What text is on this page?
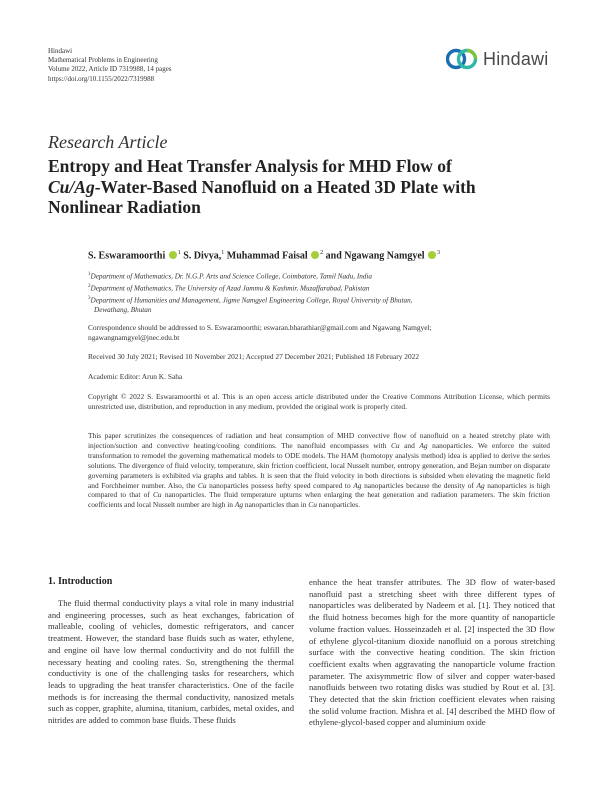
Hindawi
Mathematical Problems in Engineering
Volume 2022, Article ID 7319988, 14 pages
https://doi.org/10.1155/2022/7319988
Hindawi
Research Article
Entropy and Heat Transfer Analysis for MHD Flow of
Cu/Ag-Water-Based Nanofluid on a Heated 3D Plate with
Nonlinear Radiation
S. Eswaramoorthi $^1$ S. Divya,$^1$ Muhammad Faisal $^2$ and Ngawang Namgyel $^3$
$^1$Department of Mathematics, Dr. N.G.P. Arts and Science College, Coimbatore, Tamil Nadu, India
$^2$Department of Mathematics, The University of Azad Jammu & Kashmir, Muzaffarabad, Pakistan
$^3$Department of Humanities and Management, Jigme Namgyel Engineering College, Royal University of Bhutan,
Dewathang, Bhutan
Correspondence should be addressed to S. Eswaramoorthi; eswaran.bharathiar@gmail.com and Ngawang Namgyel;
ngawangnamgyel@jnec.edu.bt
Received 30 July 2021; Revised 10 November 2021; Accepted 27 December 2021; Published 18 February 2022
Academic Editor: Arun K. Saha
Copyright © 2022 S. Eswaramoorthi et al. This is an open access article distributed under the Creative Commons Attribution License, which permits unrestricted use, distribution, and reproduction in any medium, provided the original work is properly cited.
This paper scrutinizes the consequences of radiation and heat consumption of MHD convective flow of nanofluid on a heated stretchy plate with injection/suction and convective heating/cooling conditions. The nanofluid encompasses with Cu and Ag nanoparticles. We enforce the suited transformation to remodel the governing mathematical models to ODE models. The HAM (homotopy analysis method) idea is applied to derive the series solutions. The divergence of fluid velocity, temperature, skin friction coefficient, local Nusselt number, entropy generation, and Bejan number on disparate governing parameters is exhibited via graphs and tables. It is seen that the fluid velocity in both directions is subsided when elevating the magnetic field and Forchheimer number. Also, the Cu nanoparticles possess hefty speed compared to Ag nanoparticles because the density of Ag nanoparticles is high compared to that of Cu nanoparticles. The fluid temperature upturns when enlarging the heat generation and radiation parameters. The skin friction coefficients and local Nusselt number are high in Ag nanoparticles than in Cu nanoparticles.
1. Introduction

The fluid thermal conductivity plays a vital role in many industrial and engineering processes, such as heat exchanges, fabrication of malleable, cooling of vehicles, domestic refrigerators, and cancer treatment. However, the standard base fluids such as water, ethylene, and engine oil have low thermal conductivity and do not fulfill the necessary heating and cooling rates. So, strengthening the thermal conductivity is one of the challenging tasks for researchers, which leads to upgrading the heat transfer characteristics. One of the facile methods is for increasing the thermal conductivity, nanosized metals such as copper, graphite, alumina, titanium, carbides, metal oxides, and nitrides are added to common base fluids. These fluids

enhance the heat transfer attributes. The 3D flow of water-based nanofluid past a stretching sheet with three different types of nanoparticles was deliberated by Nadeem et al. [1]. They noticed that the fluid hotness becomes high for the more quantity of nanoparticle volume fraction values. Hosseinzadeh et al. [2] inspected the 3D flow of ethylene glycol-titanium dioxide nanofluid on a porous stretching surface with the convective heating condition. The skin friction coefficient exalts when aggravating the nanoparticle volume fraction parameter. The axisymmetric flow of silver and copper water-based nanofluids between two rotating disks was studied by Rout et al. [3]. They detected that the skin friction coefficient elevates when raising the solid volume fraction. Mishra et al. [4] described the MHD flow of ethylene-glycol-based copper and aluminium oxide
